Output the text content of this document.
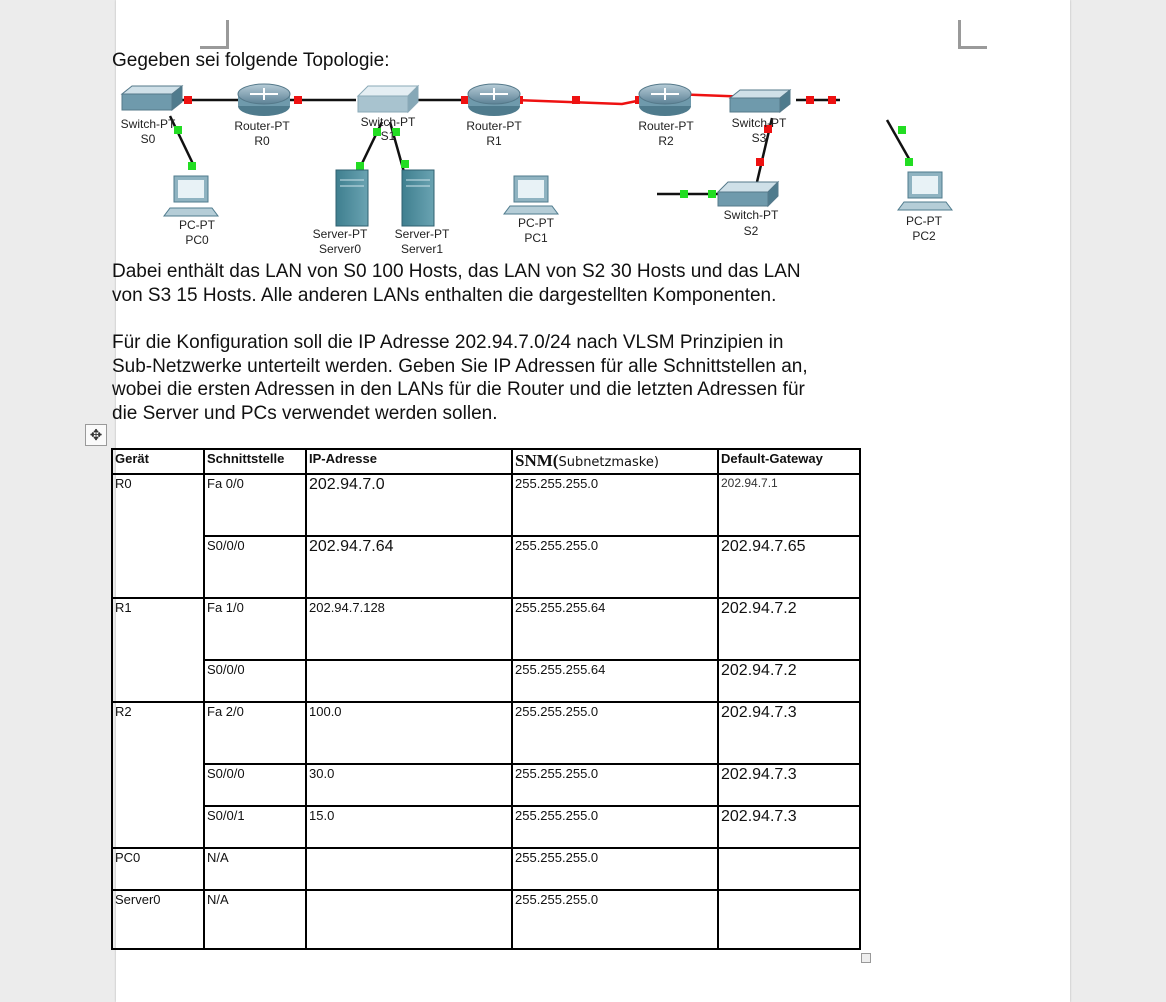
Gegeben sei folgende Topologie:

Switch-PT
S0
Router-PT
R0
Switch-PT
S1
Router-PT
R1
Router-PT
R2
Switch-PT
S3
PC-PT
PC0	Server-PT
Server0
Server-PT
Server1
PC-PT
PC1
Switch-PT
S2
PC-PT
PC2

Dabei enthält das LAN von S0 100 Hosts, das LAN von S2 30 Hosts und das LAN von S3 15 Hosts. Alle anderen LANs enthalten die dargestellten Komponenten.

Für die Konfiguration soll die IP Adresse 202.94.7.0/24 nach VLSM Prinzipien in Sub-Netzwerke unterteilt werden. Geben Sie IP Adressen für alle Schnittstellen an, wobei die ersten Adressen in den LANs für die Router und die letzten Adressen für die Server und PCs verwendet werden sollen.

✥
Gerät	Schnittstelle	IP-Adresse	SNM(Subnetzmaske)	Default-Gateway
R0	Fa 0/0	202.94.7.0	255.255.255.0	202.94.7.1
	S0/0/0	202.94.7.64	255.255.255.0	202.94.7.65
R1	Fa 1/0	202.94.7.128	255.255.255.64	202.94.7.2
	S0/0/0		255.255.255.64	202.94.7.2
R2	Fa 2/0	100.0	255.255.255.0	202.94.7.3
	S0/0/0	30.0	255.255.255.0	202.94.7.3
	S0/0/1	15.0	255.255.255.0	202.94.7.3
PC0	N/A		255.255.255.0	
Server0	N/A		255.255.255.0	
